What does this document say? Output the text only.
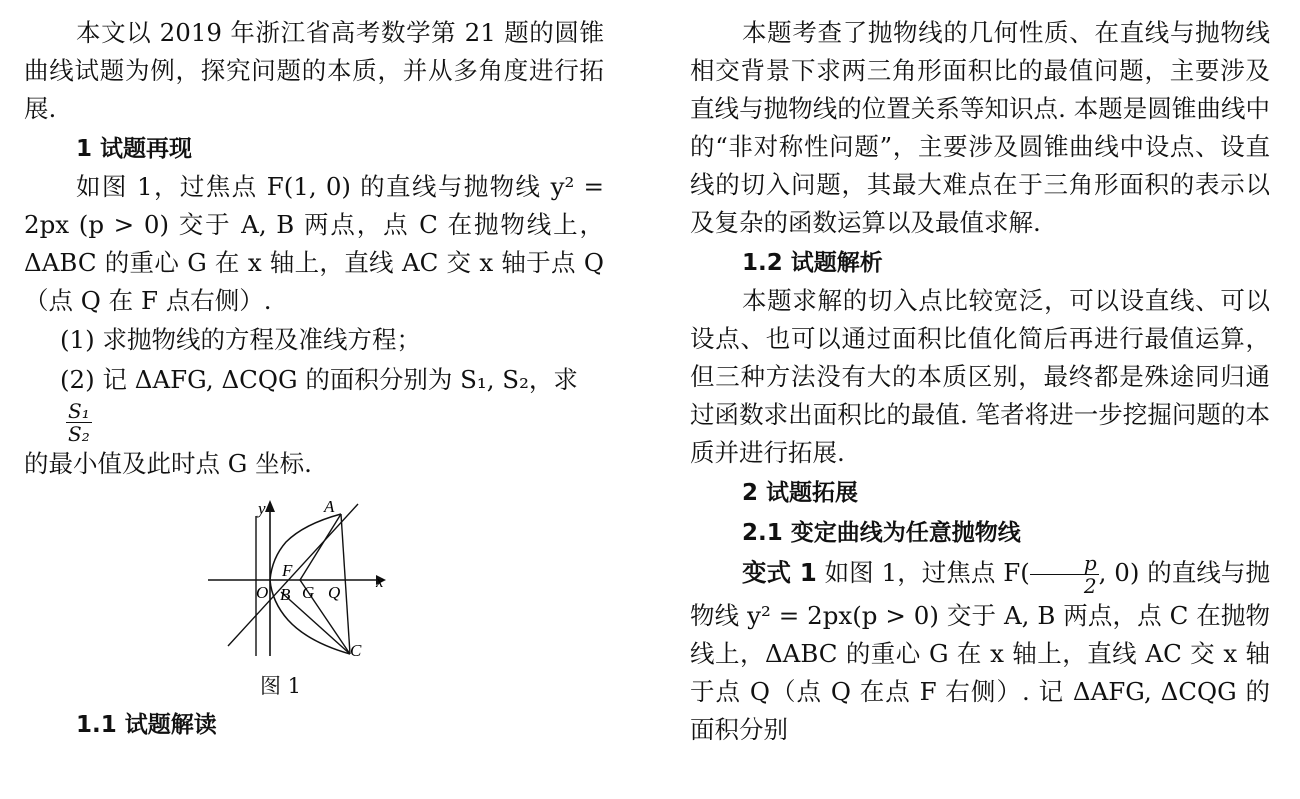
本文以 2019 年浙江省高考数学第 21 题的圆锥曲线试题为例，探究问题的本质，并从多角度进行拓展.

1 试题再现

如图 1，过焦点 F(1, 0) 的直线与抛物线 y² = 2px (p > 0) 交于 A, B 两点，点 C 在抛物线上，ΔABC 的重心 G 在 x 轴上，直线 AC 交 x 轴于点 Q（点 Q 在 F 点右侧）.

(1) 求抛物线的方程及准线方程；
(2) 记 ΔAFG, ΔCQG 的面积分别为 S₁, S₂，求
$\frac{\text{S₁}}{\text{S₂}}$

的最小值及此时点 G 坐标.

y
x
A
F
O B G Q
C
图 1
1.1 试题解读

本题考查了抛物线的几何性质、在直线与抛物线相交背景下求两三角形面积比的最值问题，主要涉及直线与抛物线的位置关系等知识点. 本题是圆锥曲线中的“非对称性问题”，主要涉及圆锥曲线中设点、设直线的切入问题，其最大难点在于三角形面积的表示以及复杂的函数运算以及最值求解.

1.2 试题解析

本题求解的切入点比较宽泛，可以设直线、可以设点、也可以通过面积比值化简后再进行最值运算，但三种方法没有大的本质区别，最终都是殊途同归通过函数求出面积比的最值. 笔者将进一步挖掘问题的本质并进行拓展.

2 试题拓展
2.1 变定曲线为任意抛物线

变式 1 如图 1，过焦点 $F( \frac{p}{2}$ , 0) 的直线与抛物线 y² = 2px(p > 0) 交于 A, B 两点，点 C 在抛物线上，ΔABC 的重心 G 在 x 轴上，直线 AC 交 x 轴于点 Q（点 Q 在点 F 右侧）. 记 ΔAFG, ΔCQG 的面积分别
